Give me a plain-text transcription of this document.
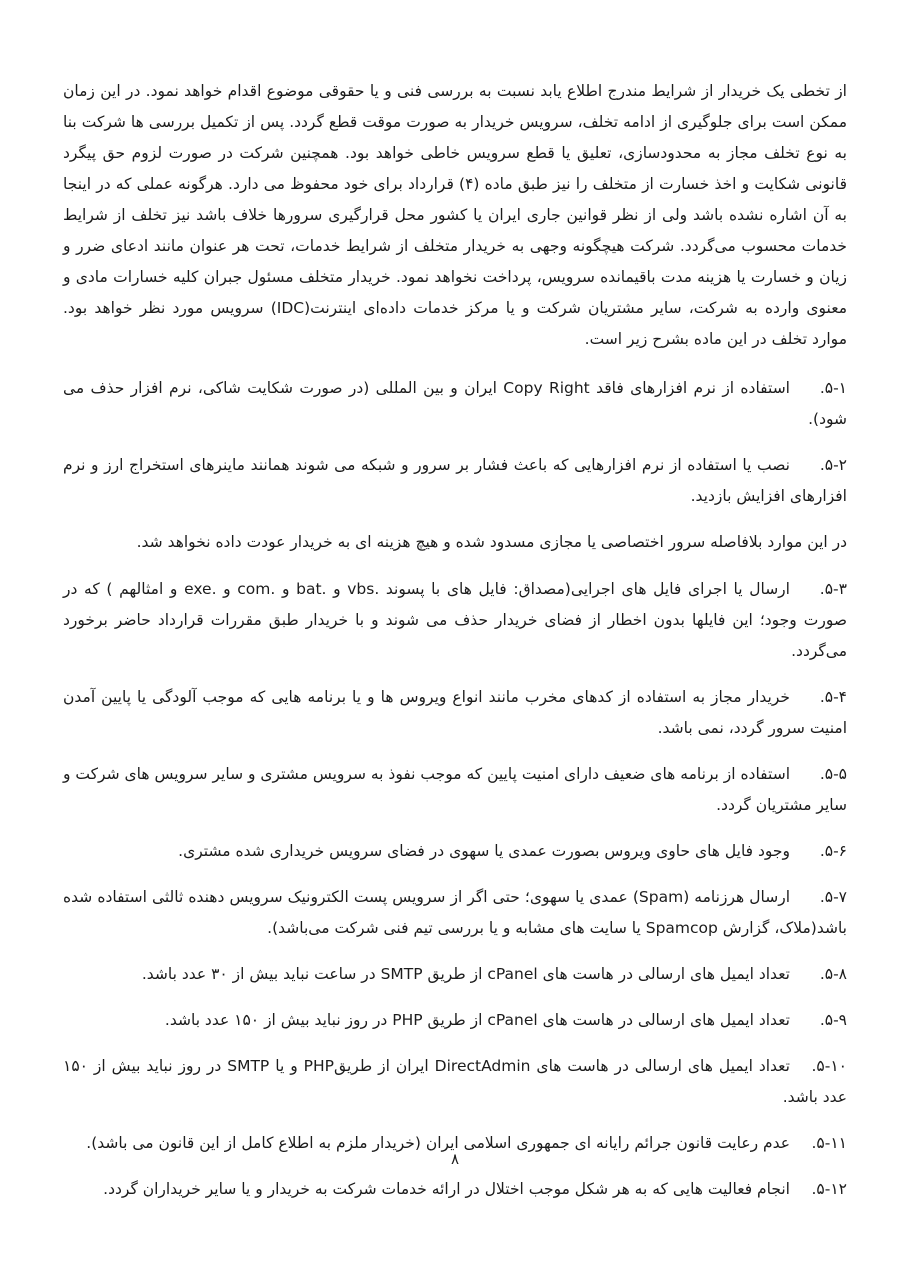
از تخطی یک خریدار از شرایط مندرج اطلاع یابد نسبت به بررسی فنی و یا حقوقی موضوع اقدام خواهد نمود. در این زمان ممکن است برای جلوگیری از ادامه تخلف، سرویس خریدار به صورت موقت قطع گردد. پس از تکمیل بررسی ها شرکت بنا به نوع تخلف مجاز به محدودسازی، تعلیق یا قطع سرویس خاطی خواهد بود. همچنین شرکت در صورت لزوم حق پیگرد قانونی شکایت و اخذ خسارت از متخلف را نیز طبق ماده (۴) قرارداد برای خود محفوظ می دارد. هرگونه عملی که در اینجا به آن اشاره نشده باشد ولی از نظر قوانین جاری ایران یا کشور محل قرارگیری سرورها خلاف باشد نیز تخلف از شرایط خدمات محسوب می‌گردد. شرکت هیچگونه وجهی به خریدار متخلف از شرایط خدمات، تحت هر عنوان مانند ادعای ضرر و زیان و خسارت یا هزینه مدت باقیمانده سرویس، پرداخت نخواهد نمود. خریدار متخلف مسئول جبران کلیه خسارات مادی و معنوی وارده به شرکت، سایر مشتریان شرکت و یا مرکز خدمات داده‌ای اینترنت(IDC) سرویس مورد نظر خواهد بود. موارد تخلف در این ماده بشرح زیر است.

۵-۱.استفاده از نرم افزارهای فاقد Copy Right ایران و بین المللی (در صورت شکایت شاکی، نرم افزار حذف می شود).

۵-۲.نصب یا استفاده از نرم افزارهایی که باعث فشار بر سرور و شبکه می شوند همانند ماینرهای استخراج ارز و نرم افزارهای افزایش بازدید.

در این موارد بلافاصله سرور اختصاصی یا مجازی مسدود شده و هیچ هزینه ای به خریدار عودت داده نخواهد شد.

۵-۳.ارسال یا اجرای فایل های اجرایی(مصداق: فایل های با پسوند .vbs و .bat و .com و .exe و امثالهم ) که در صورت وجود؛ این فایلها بدون اخطار از فضای خریدار حذف می شوند و با خریدار طبق مقررات قرارداد حاضر برخورد می‌گردد.

۵-۴.خریدار مجاز به استفاده از کدهای مخرب مانند انواع ویروس ها و یا برنامه هایی که موجب آلودگی یا پایین آمدن امنیت سرور گردد، نمی باشد.

۵-۵.استفاده از برنامه های ضعیف دارای امنیت پایین که موجب نفوذ به سرویس مشتری و سایر سرویس های شرکت و سایر مشتریان گردد.

۵-۶.وجود فایل های حاوی ویروس بصورت عمدی یا سهوی در فضای سرویس خریداری شده مشتری.

۵-۷.ارسال هرزنامه (Spam) عمدی یا سهوی؛ حتی اگر از سرویس پست الکترونیک سرویس دهنده ثالثی استفاده شده باشد(ملاک، گزارش Spamcop یا سایت های مشابه و یا بررسی تیم فنی شرکت می‌باشد).

۵-۸.تعداد ایمیل های ارسالی در هاست های cPanel از طریق SMTP در ساعت نباید بیش از ۳۰ عدد باشد.

۵-۹.تعداد ایمیل های ارسالی در هاست های cPanel از طریق PHP در روز نباید بیش از ۱۵۰ عدد باشد.

۵-۱۰.تعداد ایمیل های ارسالی در هاست های DirectAdmin ایران از طریقPHP و یا SMTP در روز نباید بیش از ۱۵۰ عدد باشد.

۵-۱۱.عدم رعایت قانون جرائم رایانه ای جمهوری اسلامی ایران (خریدار ملزم به اطلاع کامل از این قانون می باشد).

۵-۱۲.انجام فعالیت هایی که به هر شکل موجب اختلال در ارائه خدمات شرکت به خریدار و یا سایر خریداران گردد.

۸
